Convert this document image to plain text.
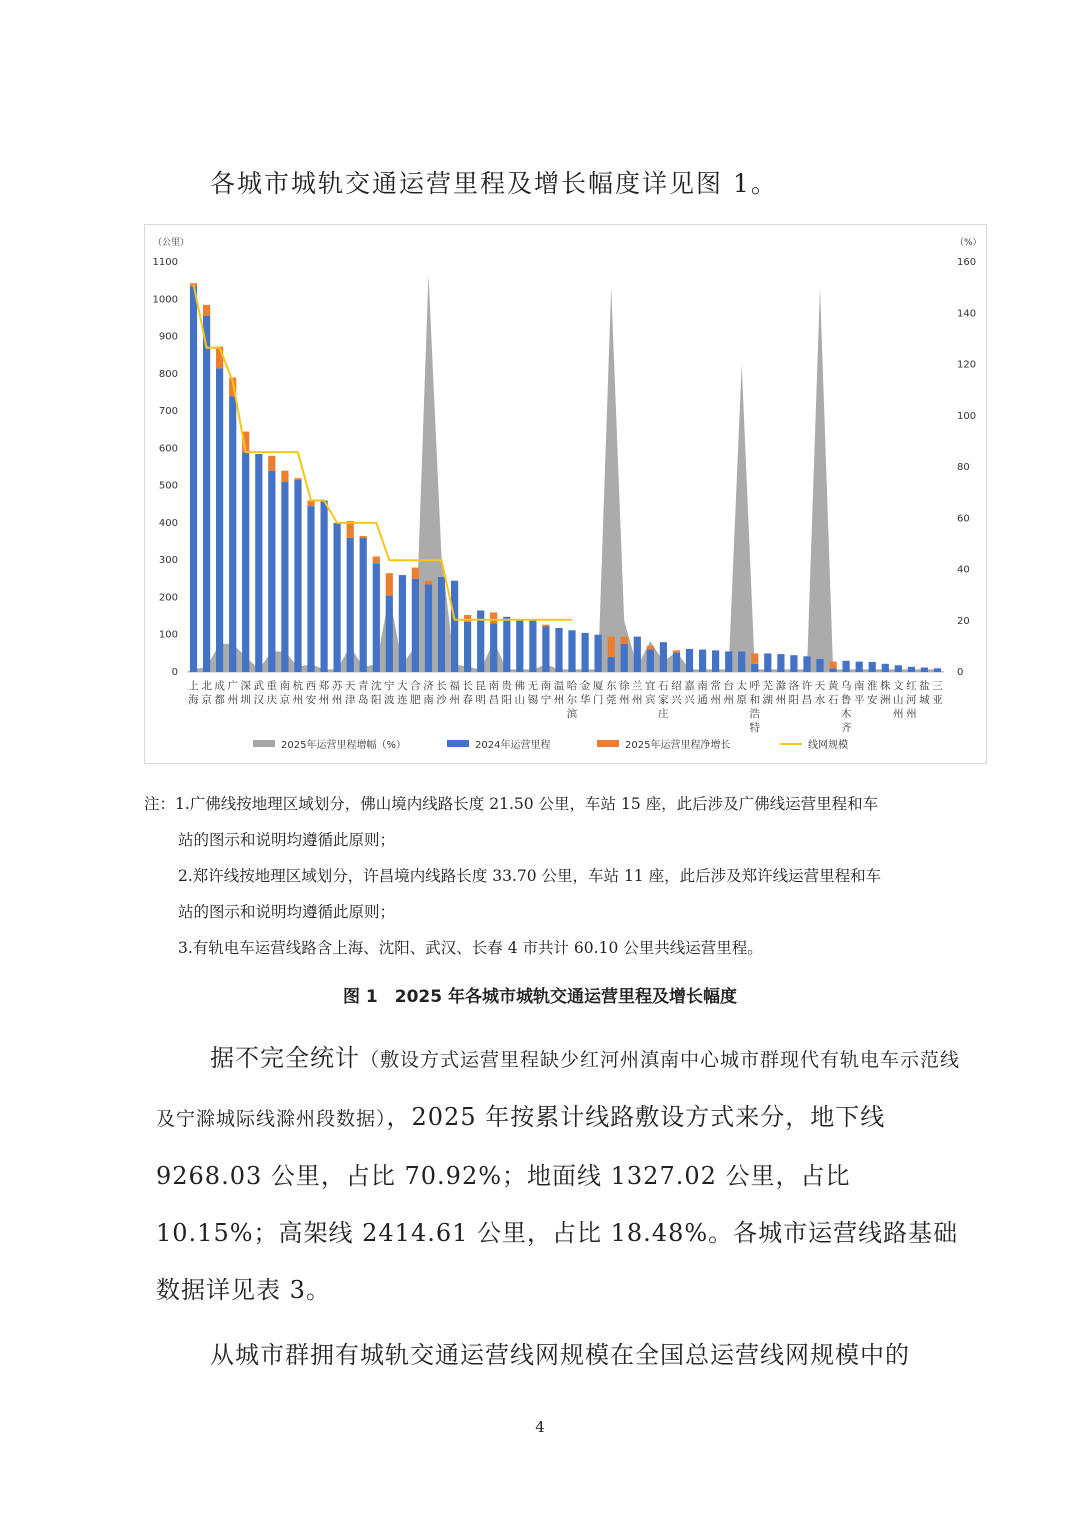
各城市城轨交通运营里程及增长幅度详见图 1。
（公里）	（%）
0
100
200
300
400
500
600
700
800
900
1000
1100
0
20
40
60
80
100
120
140
160
上海
北京
成都
广州
深圳
武汉
重庆
南京
杭州
西安
郑州
苏州
天津
青岛
沈阳
宁波
大连
合肥
济南
长沙
福州
长春
昆明
南昌
贵阳
佛山
无锡
南宁
温州
哈尔滨
金华
厦门
东莞
徐州
兰州
宜宾
石家庄
绍兴
嘉兴
南通
常州
台州
太原
呼和浩特
芜湖
滁州
洛阳
许昌
天水
黄石
乌鲁木齐
南平
淮安
株洲
文山州
红河州
盐城
三亚
2025年运营里程增幅（%）	2024年运营里程	2025年运营里程净增长	线网规模
注：1.广佛线按地理区域划分，佛山境内线路长度 21.50 公里，车站 15 座，此后涉及广佛线运营里程和车
站的图示和说明均遵循此原则；
2.郑许线按地理区域划分，许昌境内线路长度 33.70 公里，车站 11 座，此后涉及郑许线运营里程和车
站的图示和说明均遵循此原则；
3.有轨电车运营线路含上海、沈阳、武汉、长春 4 市共计 60.10 公里共线运营里程。
图 1　2025 年各城市城轨交通运营里程及增长幅度
据不完全统计（敷设方式运营里程缺少红河州滇南中心城市群现代有轨电车示范线及宁滁城际线滁州段数据），2025 年按累计线路敷设方式来分，地下线 9268.03 公里，占比 70.92%；地面线 1327.02 公里，占比 10.15%；高架线 2414.61 公里，占比 18.48%。各城市运营线路基础数据详见表 3。
从城市群拥有城轨交通运营线网规模在全国总运营线网规模中的
4
